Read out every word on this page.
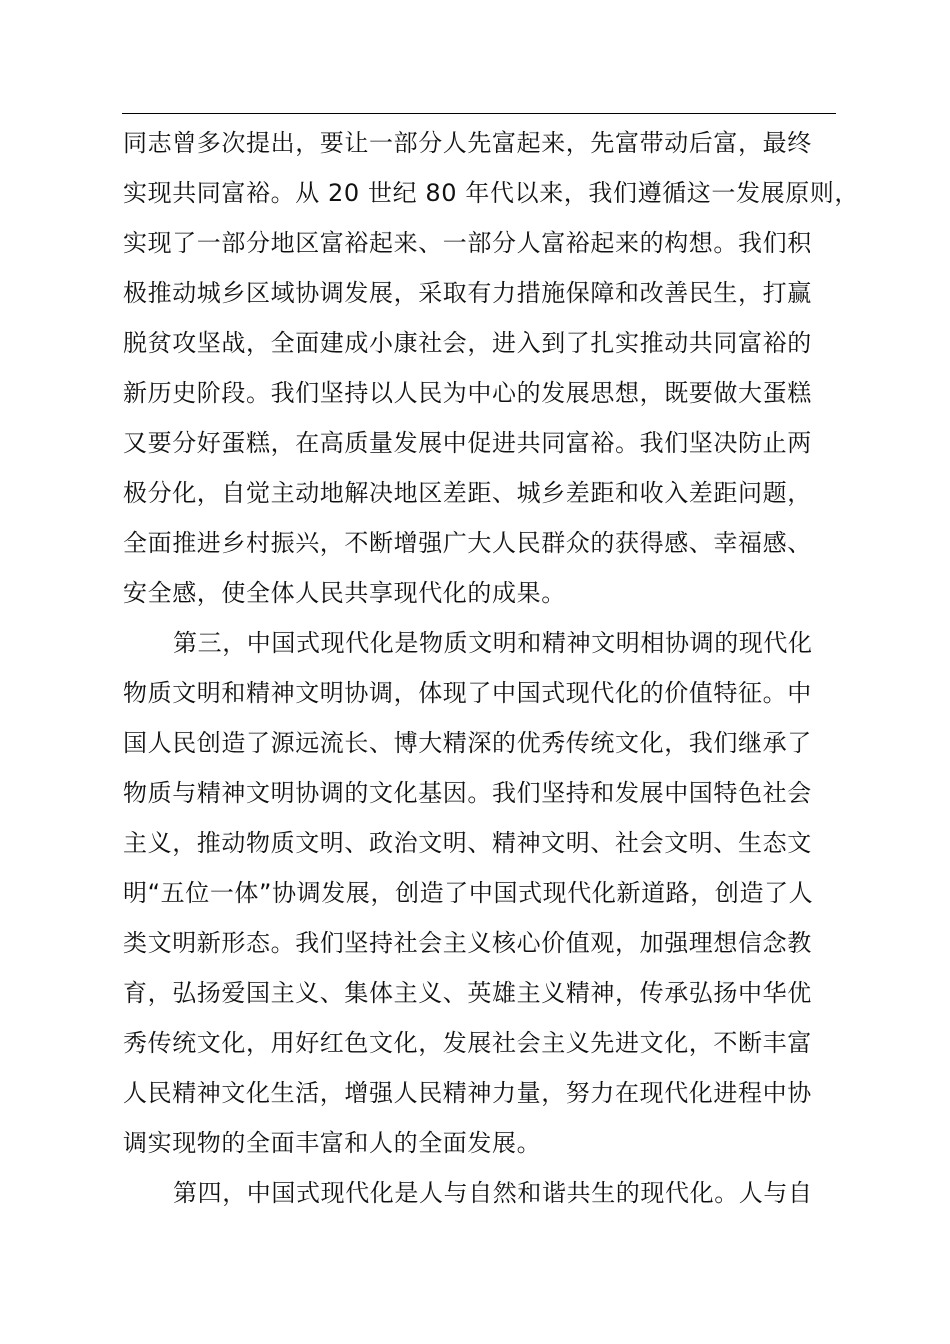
同志曾多次提出，要让一部分人先富起来，先富带动后富，最终
实现共同富裕。从 20 世纪 80 年代以来，我们遵循这一发展原则，
实现了一部分地区富裕起来、一部分人富裕起来的构想。我们积
极推动城乡区域协调发展，采取有力措施保障和改善民生，打赢
脱贫攻坚战，全面建成小康社会，进入到了扎实推动共同富裕的
新历史阶段。我们坚持以人民为中心的发展思想，既要做大蛋糕
又要分好蛋糕，在高质量发展中促进共同富裕。我们坚决防止两
极分化，自觉主动地解决地区差距、城乡差距和收入差距问题，
全面推进乡村振兴，不断增强广大人民群众的获得感、幸福感、
安全感，使全体人民共享现代化的成果。
第三，中国式现代化是物质文明和精神文明相协调的现代化
物质文明和精神文明协调，体现了中国式现代化的价值特征。中
国人民创造了源远流长、博大精深的优秀传统文化，我们继承了
物质与精神文明协调的文化基因。我们坚持和发展中国特色社会
主义，推动物质文明、政治文明、精神文明、社会文明、生态文
明“五位一体”协调发展，创造了中国式现代化新道路，创造了人
类文明新形态。我们坚持社会主义核心价值观，加强理想信念教
育，弘扬爱国主义、集体主义、英雄主义精神，传承弘扬中华优
秀传统文化，用好红色文化，发展社会主义先进文化，不断丰富
人民精神文化生活，增强人民精神力量，努力在现代化进程中协
调实现物的全面丰富和人的全面发展。
第四，中国式现代化是人与自然和谐共生的现代化。人与自
